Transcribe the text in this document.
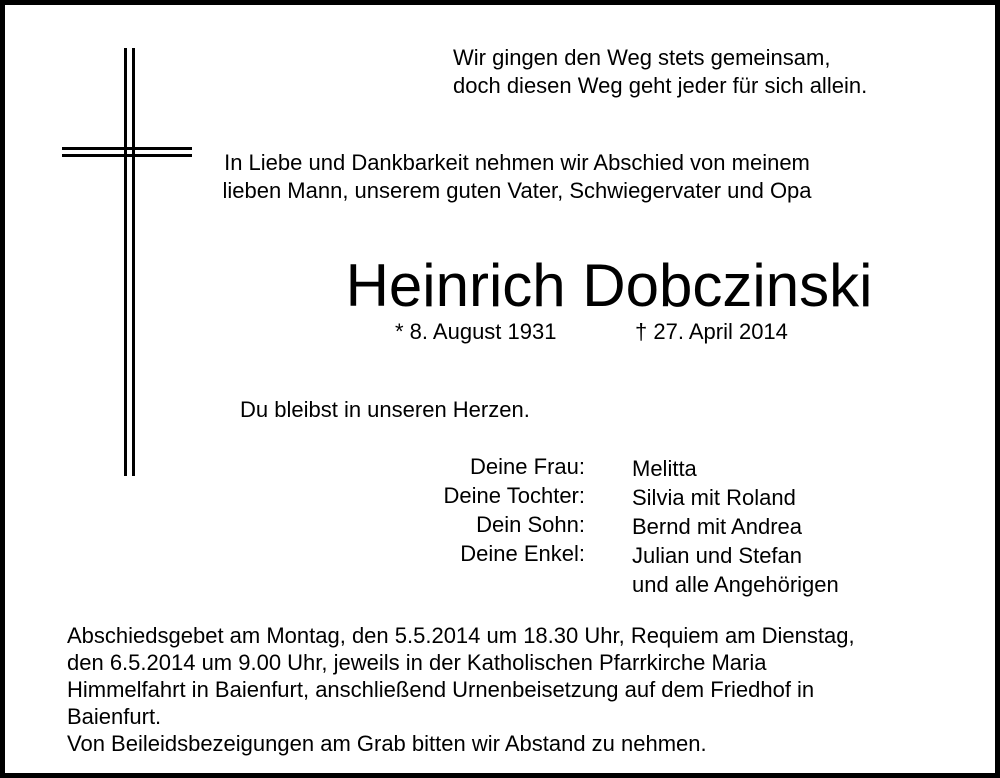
Wir gingen den Weg stets gemeinsam,
doch diesen Weg geht jeder für sich allein.
In Liebe und Dankbarkeit nehmen wir Abschied von meinem
lieben Mann, unserem guten Vater, Schwiegervater und Opa
Heinrich Dobczinski
* 8. August 1931	† 27. April 2014
Du bleibst in unseren Herzen.
Deine Frau:
Deine Tochter:
Dein Sohn:
Deine Enkel:
Melitta
Silvia mit Roland
Bernd mit Andrea
Julian und Stefan
und alle Angehörigen
Abschiedsgebet am Montag, den 5.5.2014 um 18.30 Uhr, Requiem am Dienstag,
den 6.5.2014 um 9.00 Uhr, jeweils in der Katholischen Pfarrkirche Maria
Himmelfahrt in Baienfurt, anschließend Urnenbeisetzung auf dem Friedhof in
Baienfurt.
Von Beileidsbezeigungen am Grab bitten wir Abstand zu nehmen.
